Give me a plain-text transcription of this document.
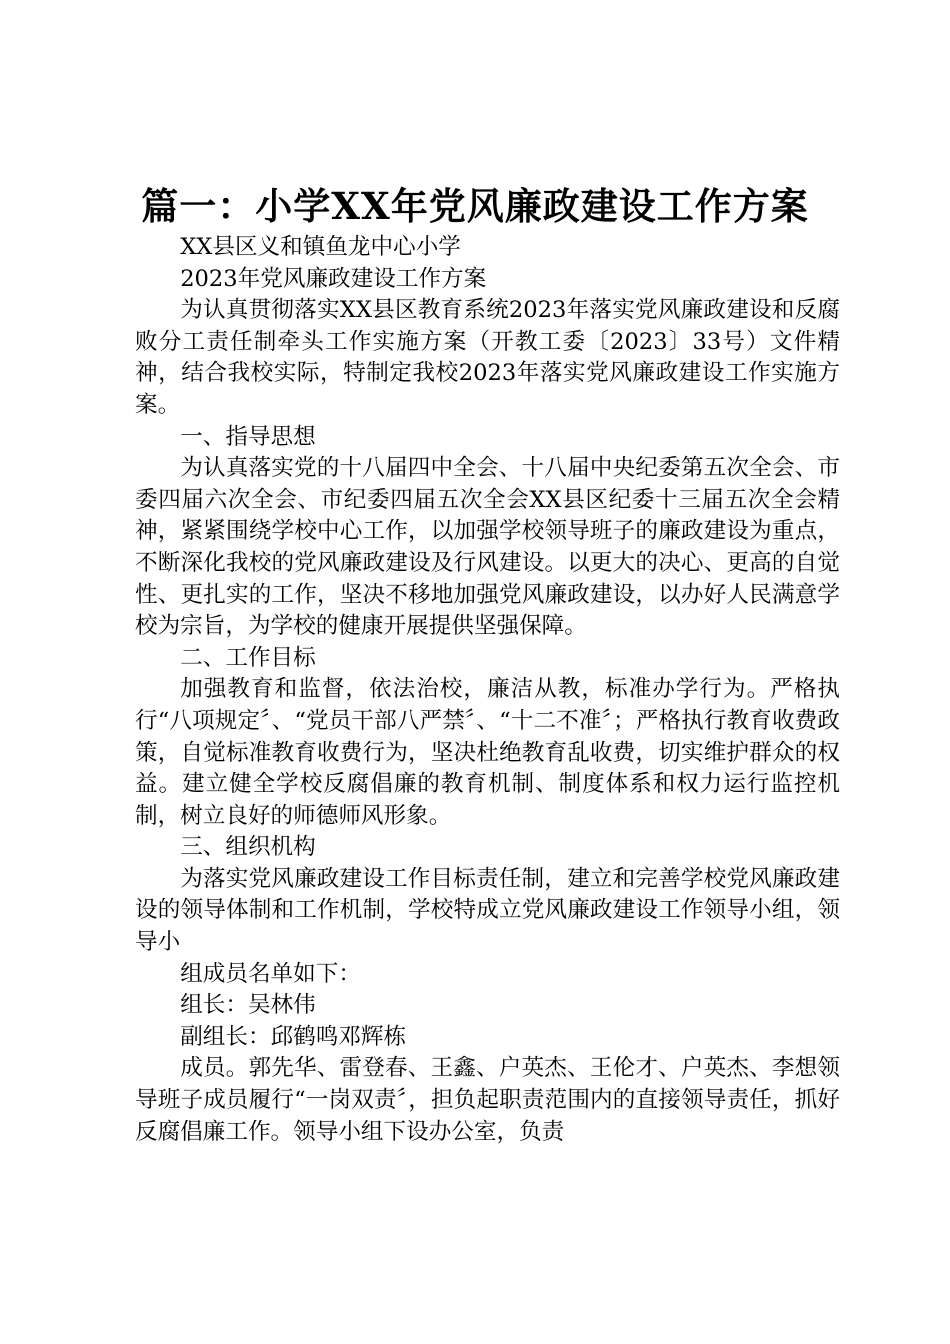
篇一：小学XX年党风廉政建设工作方案

XX县区义和镇鱼龙中心小学

2023年党风廉政建设工作方案

为认真贯彻落实XX县区教育系统2023年落实党风廉政建设和反腐败分工责任制牵头工作实施方案（开教工委〔2023〕33号）文件精神，结合我校实际，特制定我校2023年落实党风廉政建设工作实施方案。

一、指导思想

为认真落实党的十八届四中全会、十八届中央纪委第五次全会、市委四届六次全会、市纪委四届五次全会XX县区纪委十三届五次全会精神，紧紧围绕学校中心工作，以加强学校领导班子的廉政建设为重点，不断深化我校的党风廉政建设及行风建设。以更大的决心、更高的自觉性、更扎实的工作，坚决不移地加强党风廉政建设，以办好人民满意学校为宗旨，为学校的健康开展提供坚强保障。

二、工作目标

加强教育和监督，依法治校，廉洁从教，标准办学行为。严格执行“八项规定〞、“党员干部八严禁〞、“十二不准〞；严格执行教育收费政策，自觉标准教育收费行为，坚决杜绝教育乱收费，切实维护群众的权益。建立健全学校反腐倡廉的教育机制、制度体系和权力运行监控机制，树立良好的师德师风形象。

三、组织机构

为落实党风廉政建设工作目标责任制，建立和完善学校党风廉政建设的领导体制和工作机制，学校特成立党风廉政建设工作领导小组，领导小

组成员名单如下：

组长：吴林伟

副组长：邱鹤鸣邓辉栋

成员。郭先华、雷登春、王鑫、户英杰、王伦才、户英杰、李想领导班子成员履行“一岗双责〞，担负起职责范围内的直接领导责任，抓好反腐倡廉工作。领导小组下设办公室，负责
